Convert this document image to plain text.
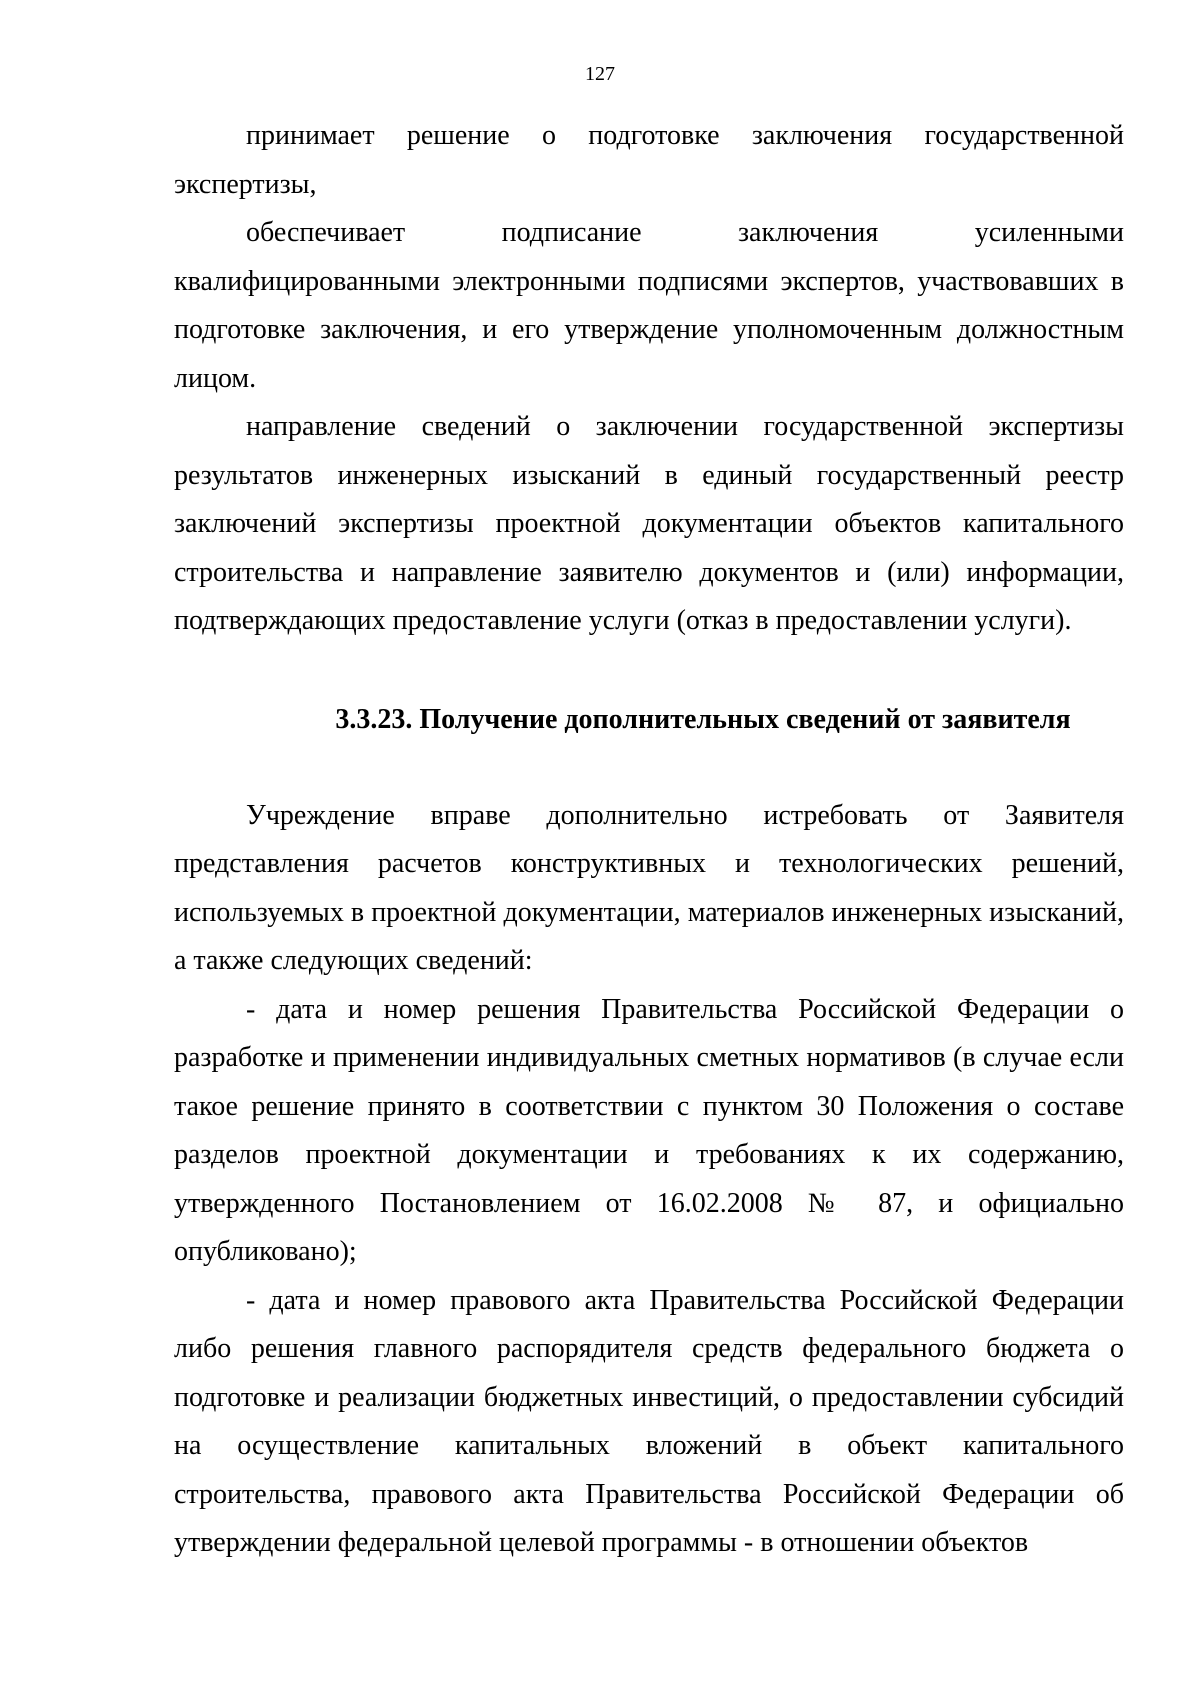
127

принимает решение о подготовке заключения государственной экспертизы,

обеспечивает подписание заключения усиленными квалифицированными электронными подписями экспертов, участвовавших в подготовке заключения, и его утверждение уполномоченным должностным лицом.

направление сведений о заключении государственной экспертизы результатов инженерных изысканий в единый государственный реестр заключений экспертизы проектной документации объектов капитального строительства и направление заявителю документов и (или) информации, подтверждающих предоставление услуги (отказ в предоставлении услуги).

3.3.23. Получение дополнительных сведений от заявителя

Учреждение вправе дополнительно истребовать от Заявителя представления расчетов конструктивных и технологических решений, используемых в проектной документации, материалов инженерных изысканий, а также следующих сведений:

- дата и номер решения Правительства Российской Федерации о разработке и применении индивидуальных сметных нормативов (в случае если такое решение принято в соответствии с пунктом 30 Положения о составе разделов проектной документации и требованиях к их содержанию, утвержденного Постановлением от 16.02.2008 № 87, и официально опубликовано);

- дата и номер правового акта Правительства Российской Федерации либо решения главного распорядителя средств федерального бюджета о подготовке и реализации бюджетных инвестиций, о предоставлении субсидий на осуществление капитальных вложений в объект капитального строительства, правового акта Правительства Российской Федерации об утверждении федеральной целевой программы - в отношении объектов
